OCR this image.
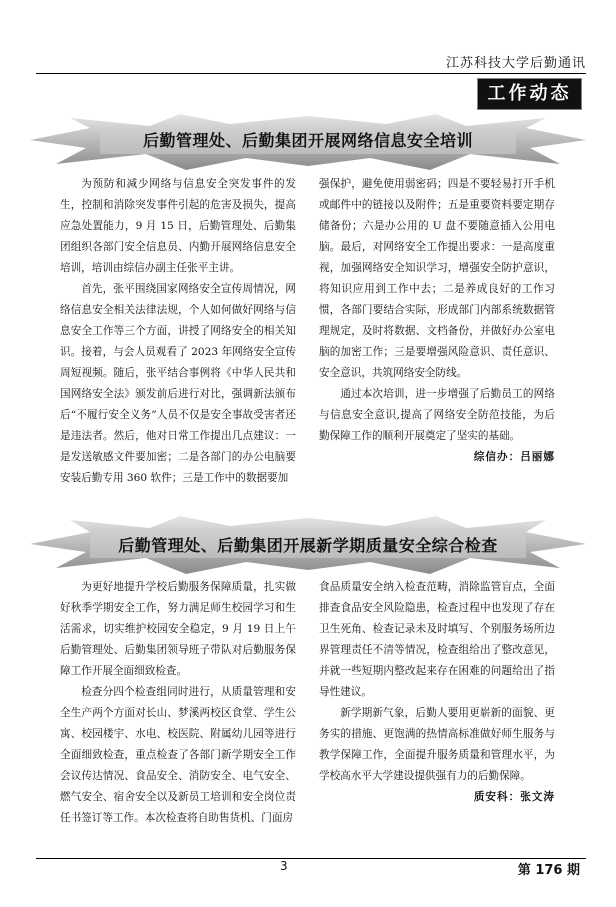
江苏科技大学后勤通讯
工作动态
后勤管理处、后勤集团开展网络信息安全培训

为预防和减少网络与信息安全突发事件的发生，控制和消除突发事件引起的危害及损失，提高应急处置能力，9 月 15 日，后勤管理处、后勤集团组织各部门安全信息员、内勤开展网络信息安全培训，培训由综信办副主任张平主讲。

首先，张平围绕国家网络安全宣传周情况，网络信息安全相关法律法规，个人如何做好网络与信息安全工作等三个方面，讲授了网络安全的相关知识。接着，与会人员观看了 2023 年网络安全宣传周短视频。随后，张平结合事例将《中华人民共和国网络安全法》颁发前后进行对比，强调新法颁布后“不履行安全义务”人员不仅是安全事故受害者还是违法者。然后，他对日常工作提出几点建议：一是发送敏感文件要加密；二是各部门的办公电脑要安装后勤专用 360 软件；三是工作中的数据要加

强保护，避免使用弱密码；四是不要轻易打开手机或邮件中的链接以及附件；五是重要资料要定期存储备份；六是办公用的 U 盘不要随意插入公用电脑。最后，对网络安全工作提出要求：一是高度重视，加强网络安全知识学习，增强安全防护意识，将知识应用到工作中去；二是养成良好的工作习惯，各部门要结合实际，形成部门内部系统数据管理规定，及时将数据、文档备份，并做好办公室电脑的加密工作；三是要增强风险意识、责任意识、安全意识，共筑网络安全防线。

通过本次培训，进一步增强了后勤员工的网络与信息安全意识,提高了网络安全防范技能，为后勤保障工作的顺利开展奠定了坚实的基础。

综信办：吕丽娜
后勤管理处、后勤集团开展新学期质量安全综合检查

为更好地提升学校后勤服务保障质量，扎实做好秋季学期安全工作，努力满足师生校园学习和生活需求，切实维护校园安全稳定，9 月 19 日上午后勤管理处、后勤集团领导班子带队对后勤服务保障工作开展全面细致检查。

检查分四个检查组同时进行，从质量管理和安全生产两个方面对长山、梦溪两校区食堂、学生公寓、校园楼宇、水电、校医院、附属幼儿园等进行全面细致检查，重点检查了各部门新学期安全工作会议传达情况、食品安全、消防安全、电气安全、燃气安全、宿舍安全以及新员工培训和安全岗位责任书签订等工作。本次检查将自助售货机、门面房

食品质量安全纳入检查范畴，消除监管盲点，全面排查食品安全风险隐患，检查过程中也发现了存在卫生死角、检查记录未及时填写、个别服务场所边界管理责任不清等情况，检查组给出了整改意见，并就一些短期内整改起来存在困难的问题给出了指导性建议。

新学期新气象，后勤人要用更崭新的面貌、更务实的措施、更饱满的热情高标准做好师生服务与教学保障工作，全面提升服务质量和管理水平，为学校高水平大学建设提供强有力的后勤保障。

质安科：张文涛
3	第 176 期
